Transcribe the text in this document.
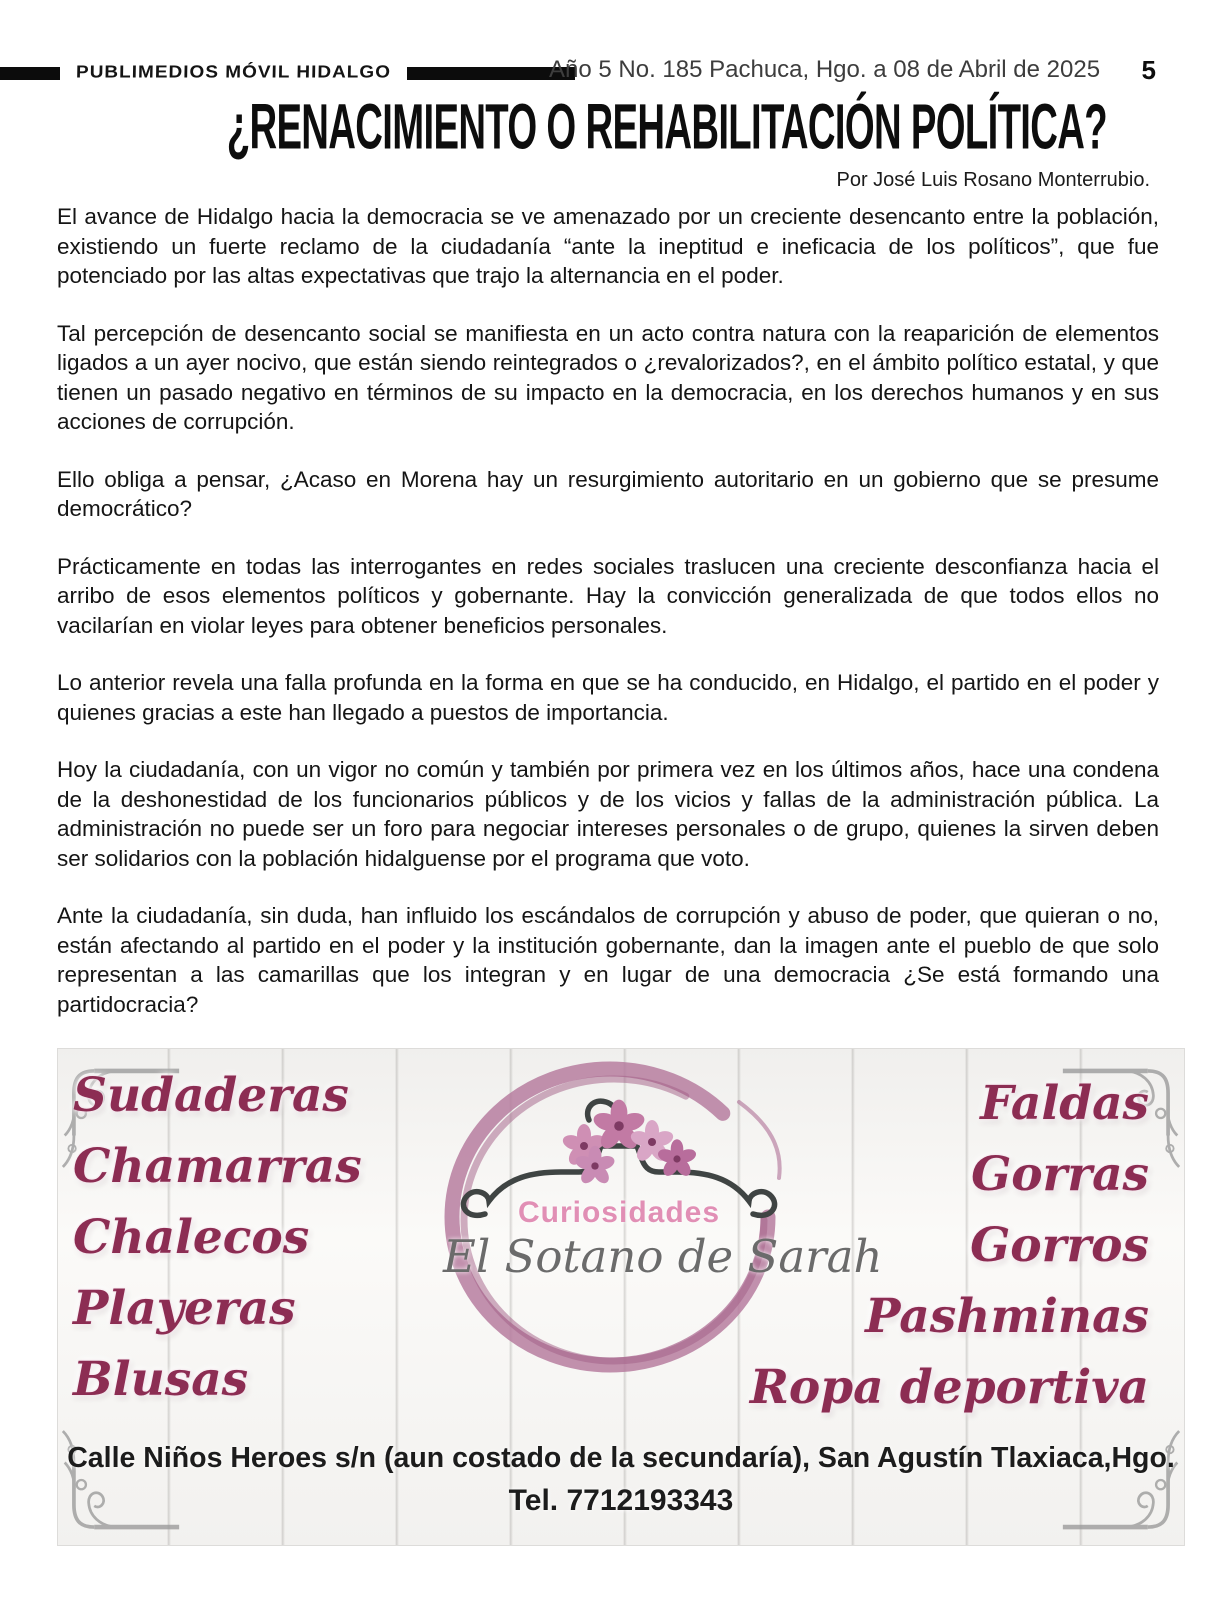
PUBLIMEDIOS MÓVIL HIDALGO	Año 5 No. 185 Pachuca, Hgo. a 08 de Abril de 2025 5
¿RENACIMIENTO O REHABILITACIÓN POLÍTICA?
Por José Luis Rosano Monterrubio.

El avance de Hidalgo hacia la democracia se ve amenazado por un creciente desencanto entre la población, existiendo un fuerte reclamo de la ciudadanía “ante la ineptitud e ineficacia de los políticos”, que fue potenciado por las altas expectativas que trajo la alternancia en el poder.

Tal percepción de desencanto social se manifiesta en un acto contra natura con la reaparición de elementos ligados a un ayer nocivo, que están siendo reintegrados o ¿revalorizados?, en el ámbito político estatal, y que tienen un pasado negativo en términos de su impacto en la democracia, en los derechos humanos y en sus acciones de corrupción.

Ello obliga a pensar, ¿Acaso en Morena hay un resurgimiento autoritario en un gobierno que se presume democrático?

Prácticamente en todas las interrogantes en redes sociales traslucen una creciente desconfianza hacia el arribo de esos elementos políticos y gobernante. Hay la convicción generalizada de que todos ellos no vacilarían en violar leyes para obtener beneficios personales.

Lo anterior revela una falla profunda en la forma en que se ha conducido, en Hidalgo, el partido en el poder y quienes gracias a este han llegado a puestos de importancia.

Hoy la ciudadanía, con un vigor no común y también por primera vez en los últimos años, hace una condena de la deshonestidad de los funcionarios públicos y de los vicios y fallas de la administración pública. La administración no puede ser un foro para negociar intereses personales o de grupo, quienes la sirven deben ser solidarios con la población hidalguense por el programa que voto.

Ante la ciudadanía, sin duda, han influido los escándalos de corrupción y abuso de poder, que quieran o no, están afectando al partido en el poder y la institución gobernante, dan la imagen ante el pueblo de que solo representan a las camarillas que los integran y en lugar de una democracia ¿Se está formando una partidocracia?

Sudaderas
Chamarras
Chalecos
Playeras
Blusas
Faldas
Gorras
Gorros
Pashminas
Ropa deportiva
Curiosidades
El Sotano de Sarah
Calle Niños Heroes s/n (aun costado de la secundaría), San Agustín Tlaxiaca,Hgo.
Tel. 7712193343
